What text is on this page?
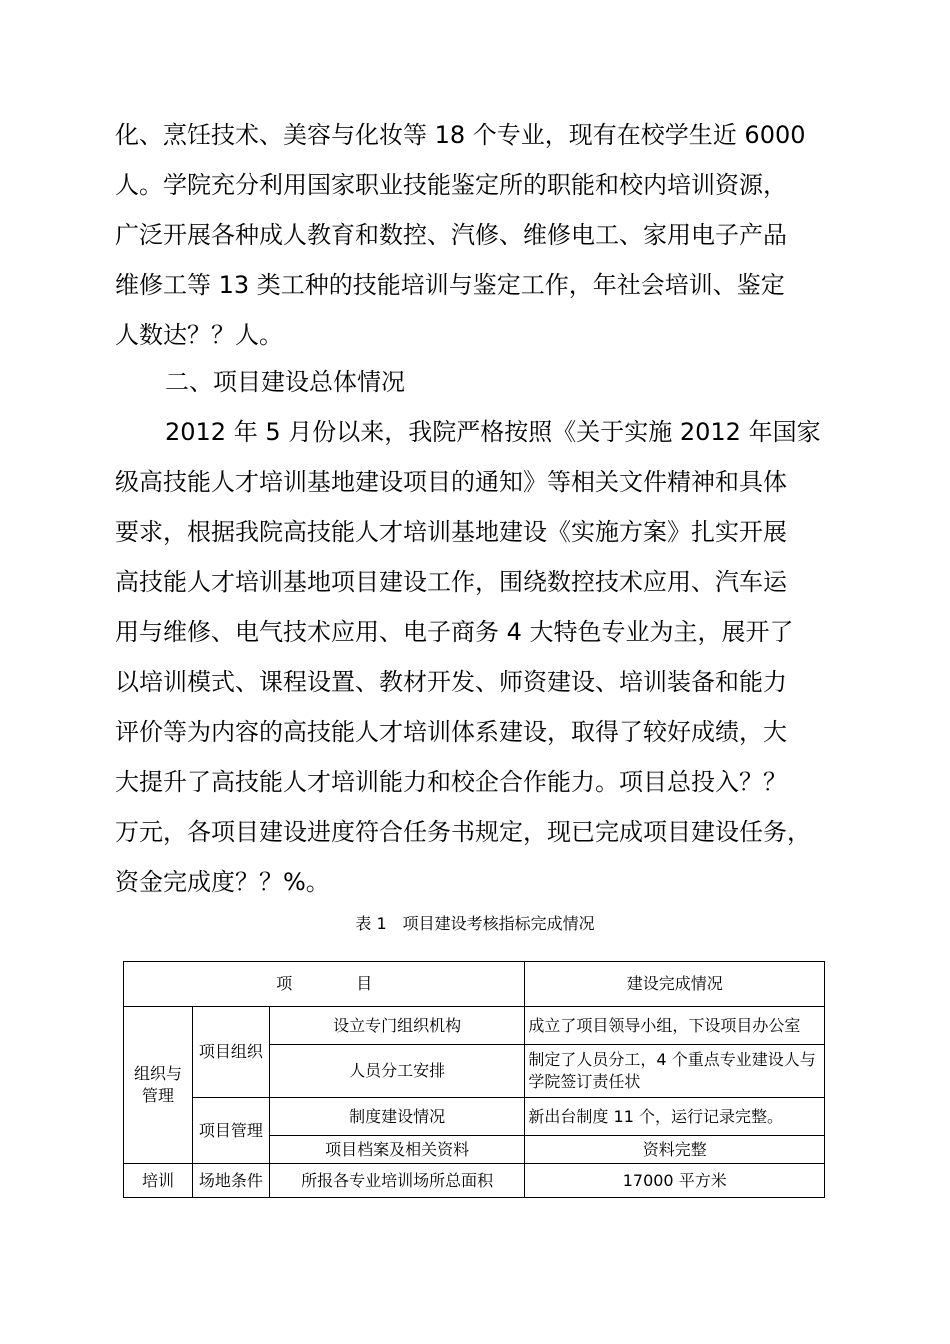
化、烹饪技术、美容与化妆等 18 个专业，现有在校学生近 6000
人。学院充分利用国家职业技能鉴定所的职能和校内培训资源，
广泛开展各种成人教育和数控、汽修、维修电工、家用电子产品
维修工等 13 类工种的技能培训与鉴定工作，年社会培训、鉴定
人数达？？人。
二、项目建设总体情况
2012 年 5 月份以来，我院严格按照《关于实施 2012 年国家
级高技能人才培训基地建设项目的通知》等相关文件精神和具体
要求，根据我院高技能人才培训基地建设《实施方案》扎实开展
高技能人才培训基地项目建设工作，围绕数控技术应用、汽车运
用与维修、电气技术应用、电子商务 4 大特色专业为主，展开了
以培训模式、课程设置、教材开发、师资建设、培训装备和能力
评价等为内容的高技能人才培训体系建设，取得了较好成绩，大
大提升了高技能人才培训能力和校企合作能力。项目总投入？？
万元，各项目建设进度符合任务书规定，现已完成项目建设任务，
资金完成度？？%。
表 1　项目建设考核指标完成情况
项　　　　目			建设完成情况
组织与管理	项目组织	设立专门组织机构	成立了项目领导小组，下设项目办公室
		人员分工安排	制定了人员分工，4 个重点专业建设人与学院签订责任状
	项目管理	制度建设情况	新出台制度 11 个，运行记录完整。
		项目档案及相关资料	资料完整
培训	场地条件	所报各专业培训场所总面积	17000 平方米
